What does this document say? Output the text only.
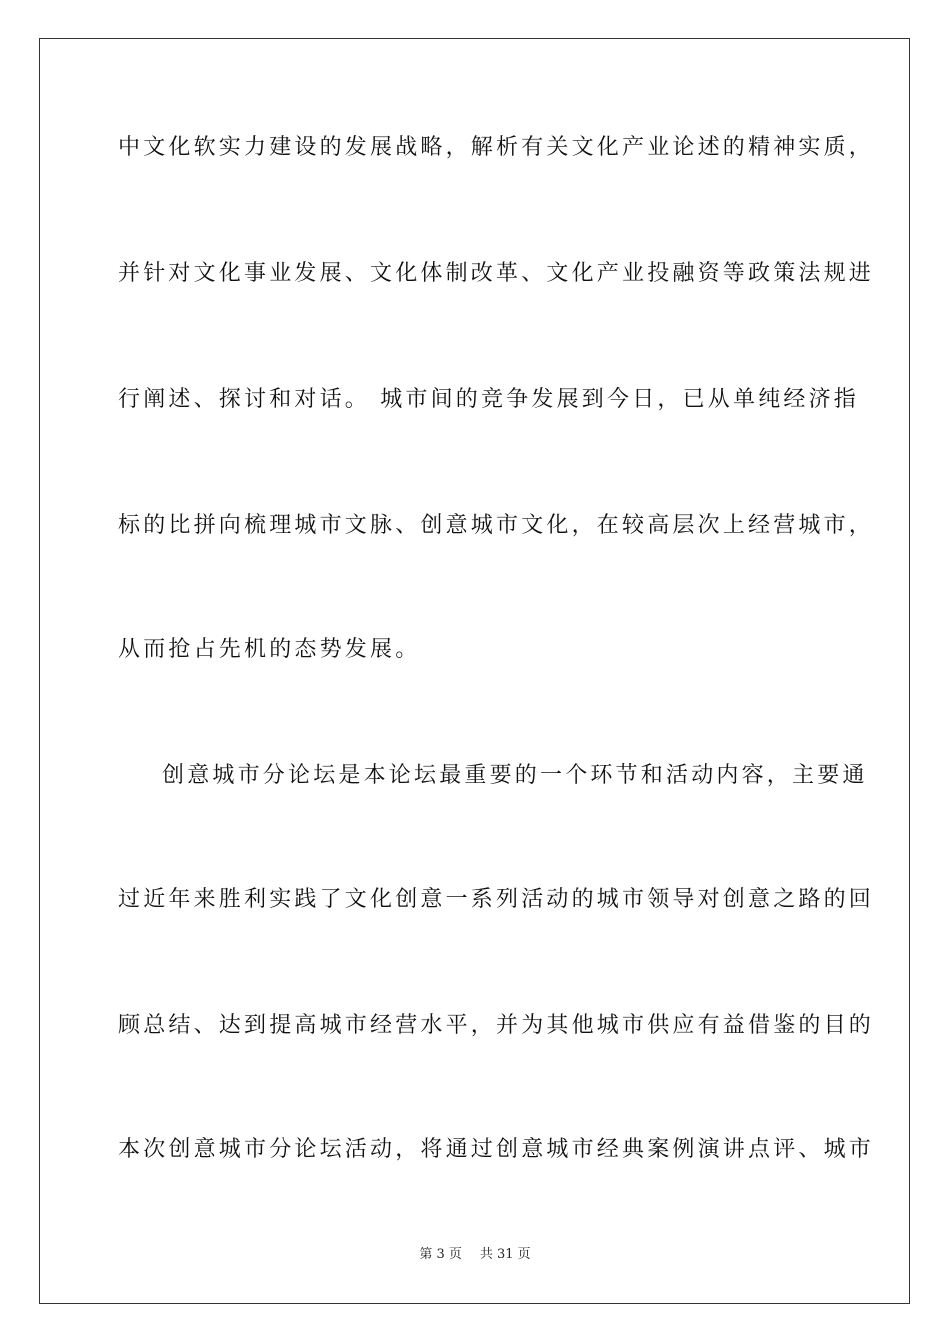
中文化软实力建设的发展战略，解析有关文化产业论述的精神实质，
并针对文化事业发展、文化体制改革、文化产业投融资等政策法规进
行阐述、探讨和对话。 城市间的竞争发展到今日，已从单纯经济指
标的比拼向梳理城市文脉、创意城市文化，在较高层次上经营城市，
从而抢占先机的态势发展。
创意城市分论坛是本论坛最重要的一个环节和活动内容，主要通
过近年来胜利实践了文化创意一系列活动的城市领导对创意之路的回
顾总结、达到提高城市经营水平，并为其他城市供应有益借鉴的目的
本次创意城市分论坛活动，将通过创意城市经典案例演讲点评、城市
第 3 页 共 31 页
